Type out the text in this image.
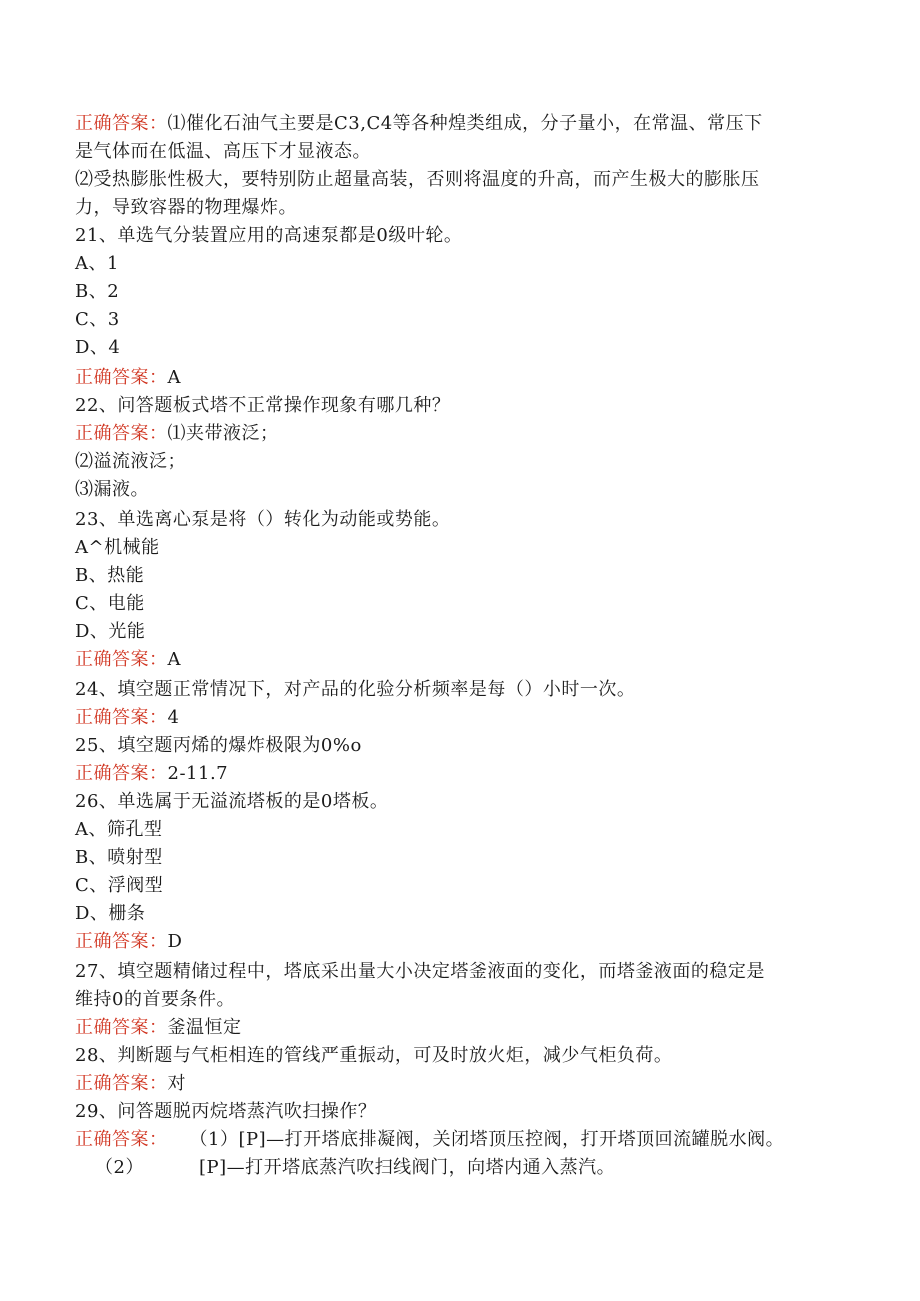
正确答案：⑴催化石油气主要是C3,C4等各种煌类组成，分子量小，在常温、常压下
是气体而在低温、高压下才显液态。
⑵受热膨胀性极大，要特别防止超量高装，否则将温度的升高，而产生极大的膨胀压
力，导致容器的物理爆炸。
21、单选气分装置应用的高速泵都是0级叶轮。
A、1
B、2
C、3
D、4
正确答案：A
22、问答题板式塔不正常操作现象有哪几种？
正确答案：⑴夹带液泛；
⑵溢流液泛；
⑶漏液。
23、单选离心泵是将（）转化为动能或势能。
A^机械能
B、热能
C、电能
D、光能
正确答案：A
24、填空题正常情况下，对产品的化验分析频率是每（）小时一次。
正确答案：4
25、填空题丙烯的爆炸极限为0%o
正确答案：2-11.7
26、单选属于无溢流塔板的是0塔板。
A、筛孔型
B、喷射型
C、浮阀型
D、栅条
正确答案：D
27、填空题精储过程中，塔底采出量大小决定塔釜液面的变化，而塔釜液面的稳定是
维持0的首要条件。
正确答案：釜温恒定
28、判断题与气柜相连的管线严重振动，可及时放火炬，减少气柜负荷。
正确答案：对
29、问答题脱丙烷塔蒸汽吹扫操作？
正确答案： （1）[P]—打开塔底排凝阀，关闭塔顶压控阀，打开塔顶回流罐脱水阀。
（2）	[P]—打开塔底蒸汽吹扫线阀门，向塔内通入蒸汽。
